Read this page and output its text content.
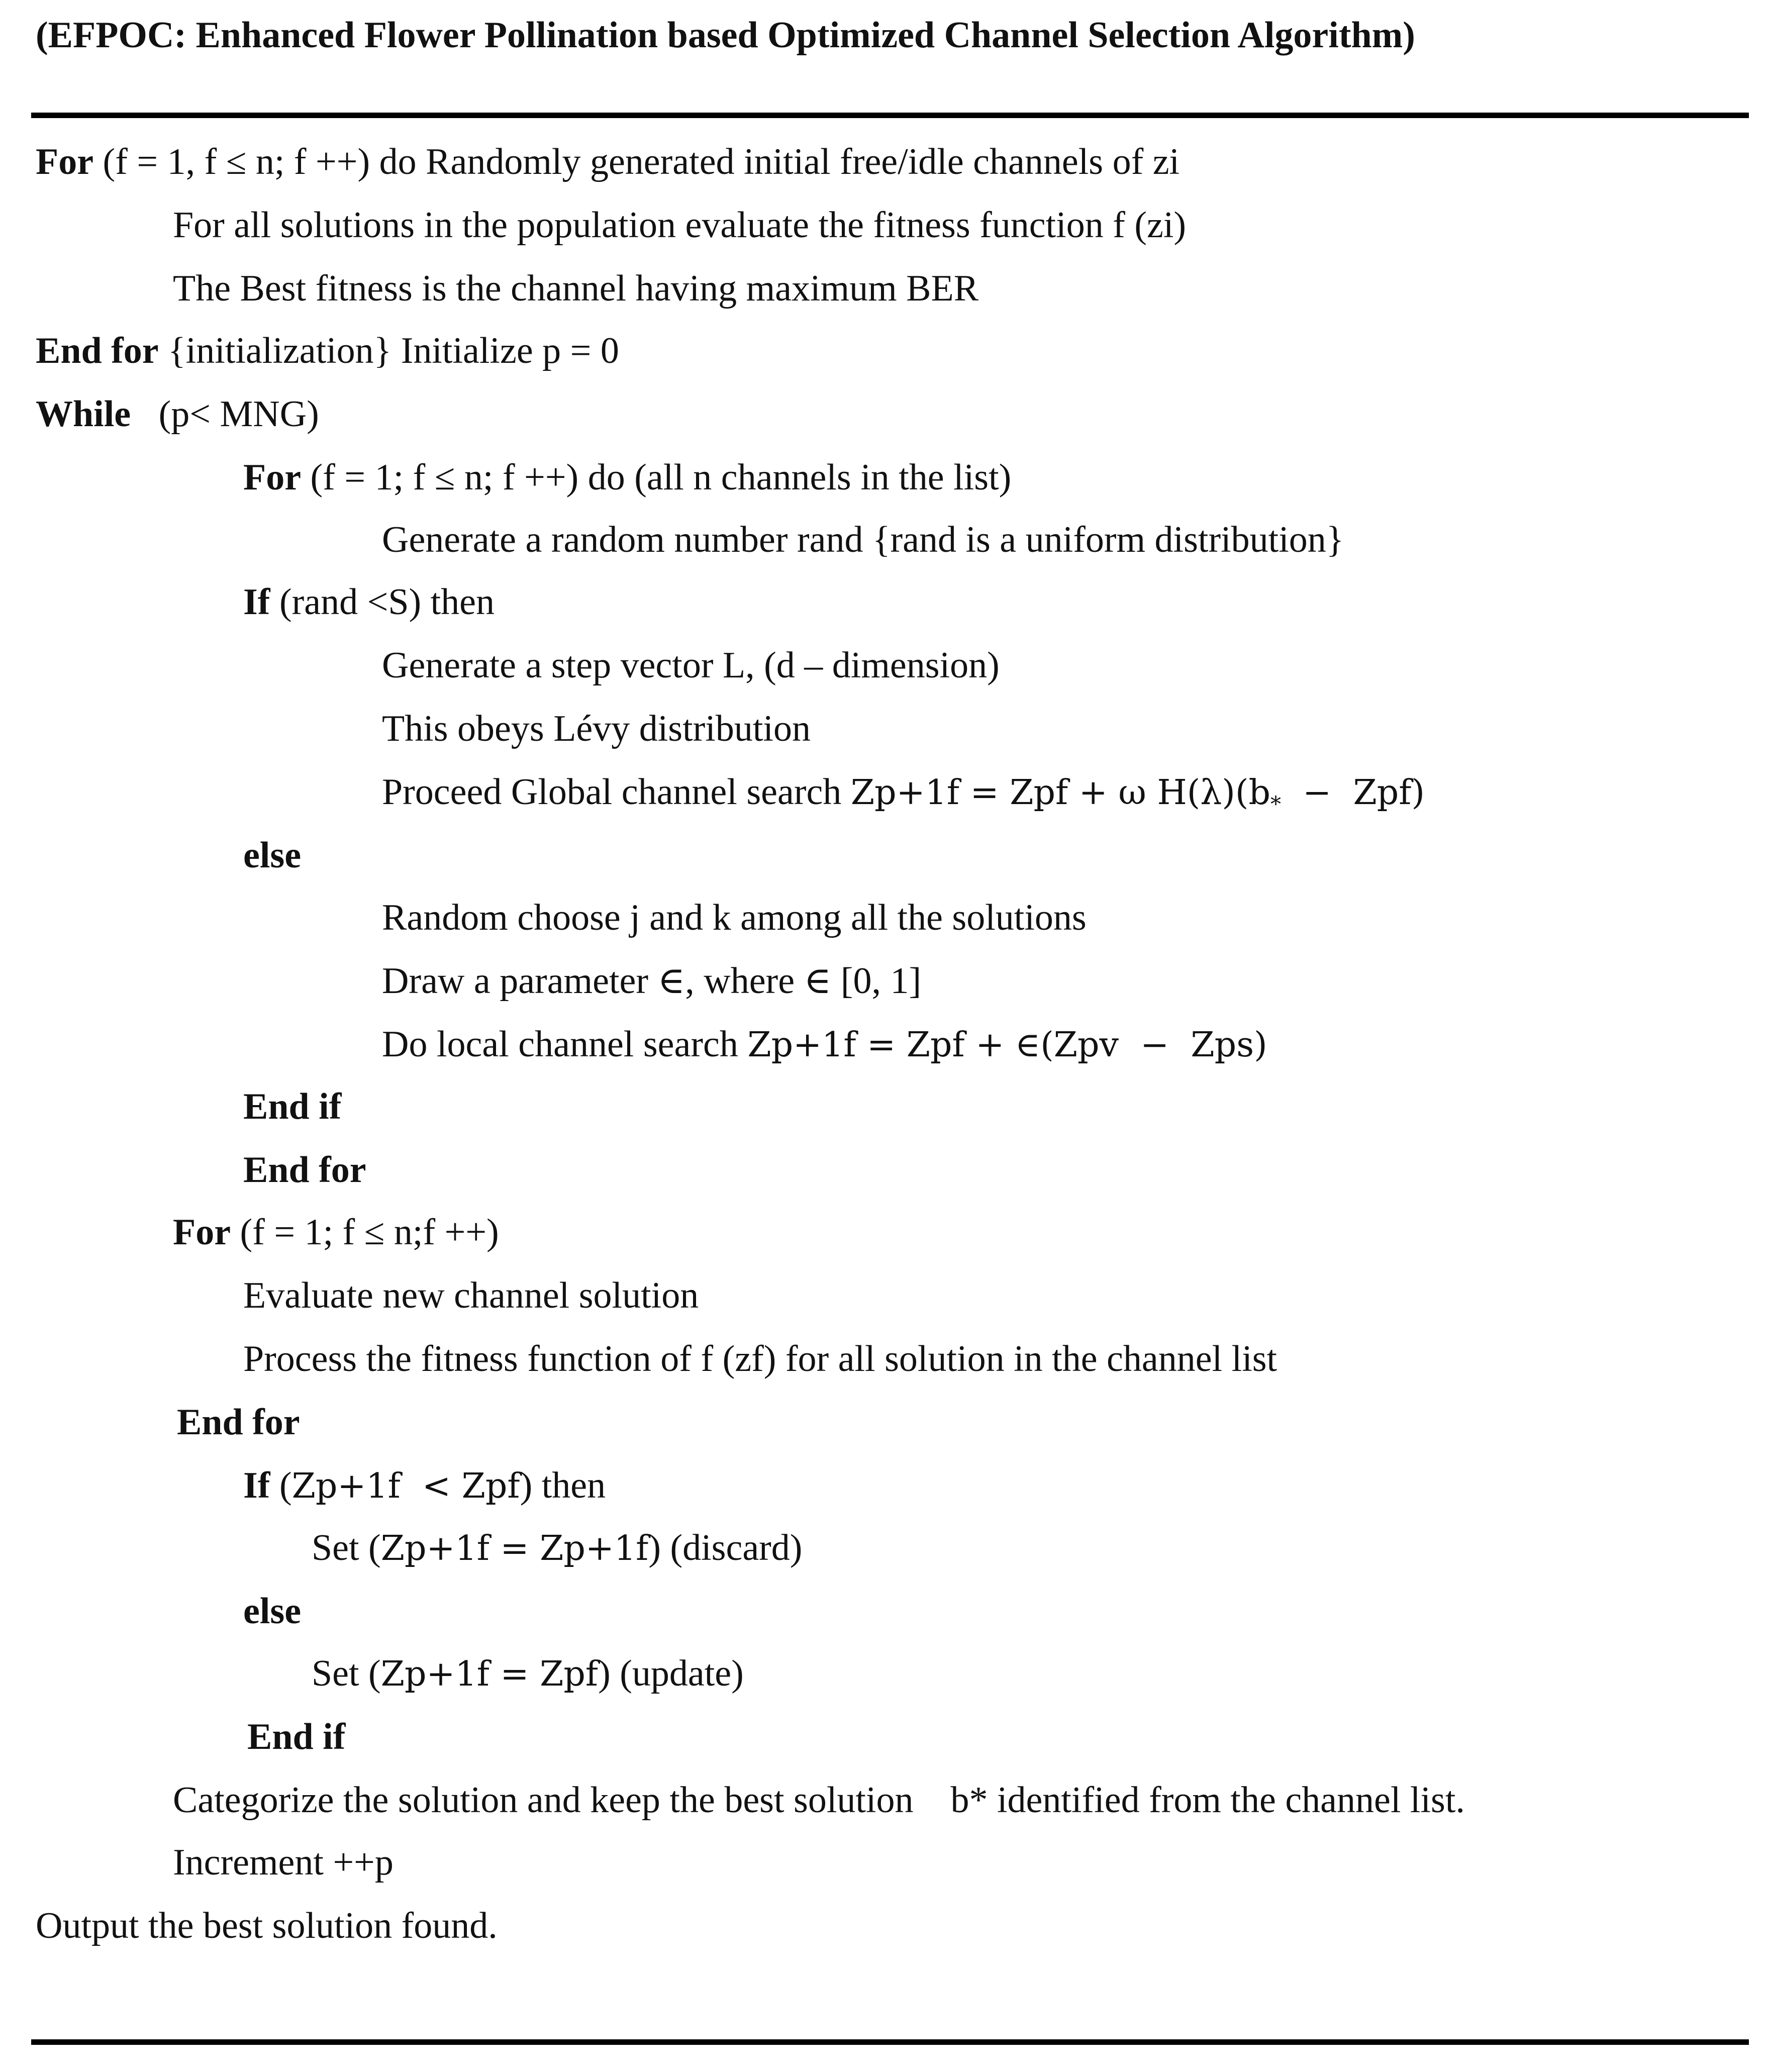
(EFPOC: Enhanced Flower Pollination based Optimized Channel Selection Algorithm)
For (f = 1, f ≤ n; f ++) do Randomly generated initial free/idle channels of zi
For all solutions in the population evaluate the fitness function f (zi)
The Best fitness is the channel having maximum BER
End for {initialization} Initialize p = 0
While   (p< MNG)
For (f = 1; f ≤ n; f ++) do (all n channels in the list)
Generate a random number rand {rand is a uniform distribution}
If (rand <S) then
Generate a step vector L, (d – dimension)
This obeys Lévy distribution
Proceed Global channel search Zp+1f = Zpf + ω $H(\lambda)(b_* - Zpf)$
else
Random choose j and k among all the solutions
Draw a parameter ∈, where ∈ [0, 1]
Do local channel search Zp+1f = Zpf + ∈(Zpv  −  Zps)
End if
End for
For (f = 1; f ≤ n;f ++)
Evaluate new channel solution
Process the fitness function of f (zf) for all solution in the channel list
End for
If (Zp+1f  < Zpf) then
Set (Zp+1f = Zp+1f) (discard)
else
Set (Zp+1f = Zpf) (update)
End if
Categorize the solution and keep the best solution    b* identified from the channel list.
Increment ++p
Output the best solution found.
